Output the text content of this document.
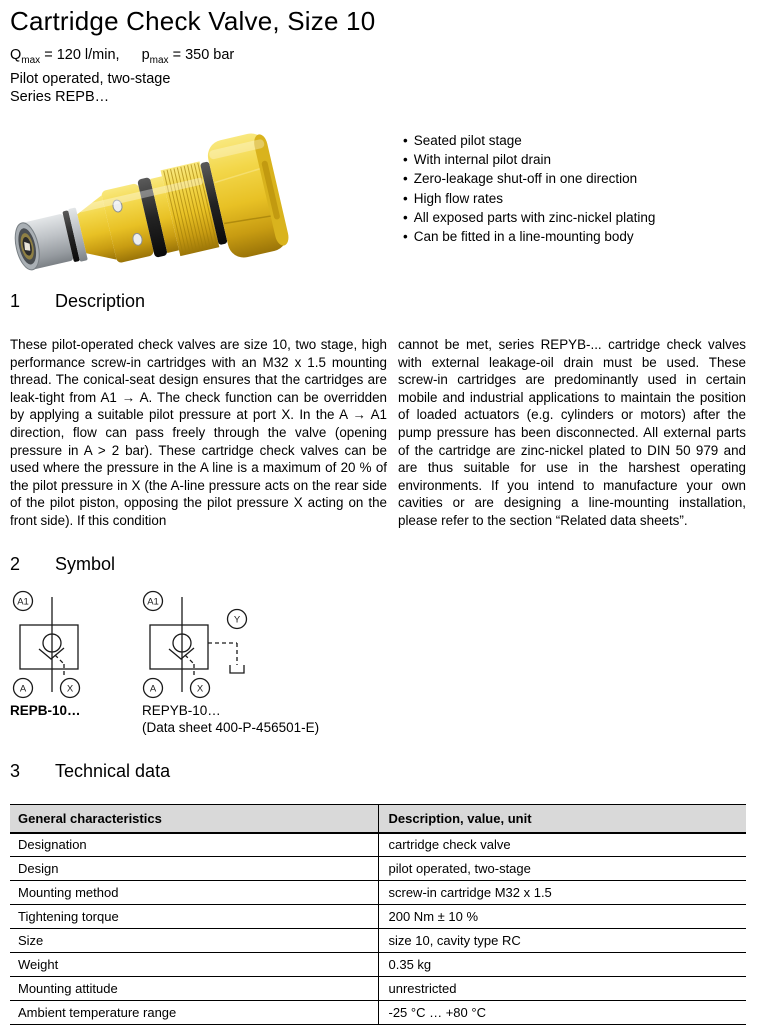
Cartridge Check Valve, Size 10
$Q_{max} = 120$ l/min, $p_{max} = 350$ bar
Pilot operated, two-stage
Series REPB…
• Seated pilot stage
• With internal pilot drain
• Zero-leakage shut-off in one direction
• High flow rates
• All exposed parts with zinc-nickel plating
• Can be fitted in a line-mounting body
1 Description

These pilot-operated check valves are size 10, two stage, high performance screw-in cartridges with an M32 x 1.5 mounting thread. The conical-seat design ensures that the cartridges are leak-tight from A1 → A. The check function can be overridden by applying a suitable pilot pressure at port X. In the A → A1 direction, flow can pass freely through the valve (opening pressure in A > 2 bar). These cartridge check valves can be used where the pressure in the A line is a maximum of 20 % of the pilot pressure in X (the A-line pressure acts on the rear side of the pilot piston, opposing the pilot pressure X acting on the front side). If this condition

cannot be met, series REPYB-... cartridge check valves with external leakage-oil drain must be used. These screw-in cartridges are predominantly used in certain mobile and industrial applications to maintain the position of loaded actuators (e.g. cylinders or motors) after the pump pressure has been disconnected. All external parts of the cartridge are zinc-nickel plated to DIN 50 979 and are thus suitable for use in the harshest operating environments. If you intend to manufacture your own cavities or are designing a line-mounting installation, please refer to the section “Related data sheets”.

2 Symbol
A1
A	X
A1
Y
A	X
REPB-10…	REPYB-10…
(Data sheet 400-P-456501-E)
3 Technical data
General characteristics	Description, value, unit
Designation	cartridge check valve
Design	pilot operated, two-stage
Mounting method	screw-in cartridge M32 x 1.5
Tightening torque	200 Nm ± 10 %
Size	size 10, cavity type RC
Weight	0.35 kg
Mounting attitude	unrestricted
Ambient temperature range	-25 °C … +80 °C
